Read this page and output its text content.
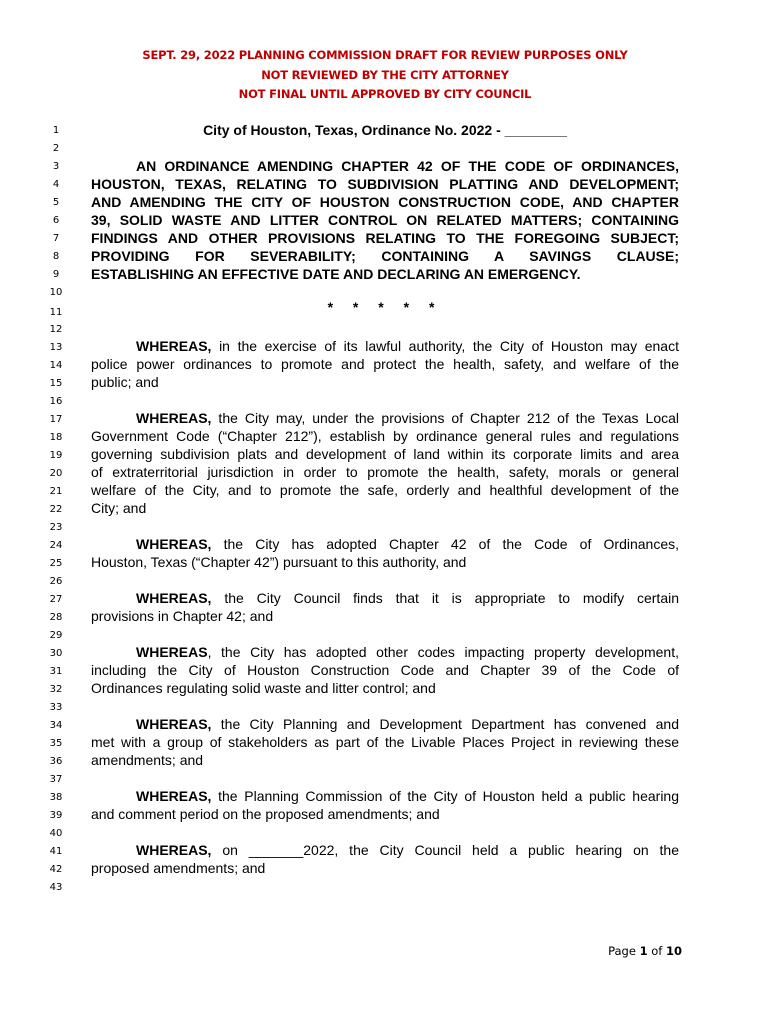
SEPT. 29, 2022 PLANNING COMMISSION DRAFT FOR REVIEW PURPOSES ONLY
NOT REVIEWED BY THE CITY ATTORNEY
NOT FINAL UNTIL APPROVED BY CITY COUNCIL
1
2
3
4
5
6
7
8
9
10
11
12
13
14
15
16
17
18
19
20
21
22
23
24
25
26
27
28
29
30
31
32
33
34
35
36
37
38
39
40
41
42
43
City of Houston, Texas, Ordinance No. 2022 - ________
AN ORDINANCE AMENDING CHAPTER 42 OF THE CODE OF ORDINANCES,
HOUSTON, TEXAS, RELATING TO SUBDIVISION PLATTING AND DEVELOPMENT;
AND AMENDING THE CITY OF HOUSTON CONSTRUCTION CODE, AND CHAPTER
39, SOLID WASTE AND LITTER CONTROL ON RELATED MATTERS; CONTAINING
FINDINGS AND OTHER PROVISIONS RELATING TO THE FOREGOING SUBJECT;
PROVIDING FOR SEVERABILITY; CONTAINING A SAVINGS CLAUSE;
ESTABLISHING AN EFFECTIVE DATE AND DECLARING AN EMERGENCY.
* * * * *
WHEREAS, in the exercise of its lawful authority, the City of Houston may enact
police power ordinances to promote and protect the health, safety, and welfare of the
public; and
WHEREAS, the City may, under the provisions of Chapter 212 of the Texas Local
Government Code (“Chapter 212”), establish by ordinance general rules and regulations
governing subdivision plats and development of land within its corporate limits and area
of extraterritorial jurisdiction in order to promote the health, safety, morals or general
welfare of the City, and to promote the safe, orderly and healthful development of the
City; and
WHEREAS, the City has adopted Chapter 42 of the Code of Ordinances,
Houston, Texas (“Chapter 42”) pursuant to this authority, and
WHEREAS, the City Council finds that it is appropriate to modify certain
provisions in Chapter 42; and
WHEREAS, the City has adopted other codes impacting property development,
including the City of Houston Construction Code and Chapter 39 of the Code of
Ordinances regulating solid waste and litter control; and
WHEREAS, the City Planning and Development Department has convened and
met with a group of stakeholders as part of the Livable Places Project in reviewing these
amendments; and
WHEREAS, the Planning Commission of the City of Houston held a public hearing
and comment period on the proposed amendments; and
WHEREAS, on _______2022, the City Council held a public hearing on the
proposed amendments; and
Page 1 of 10
